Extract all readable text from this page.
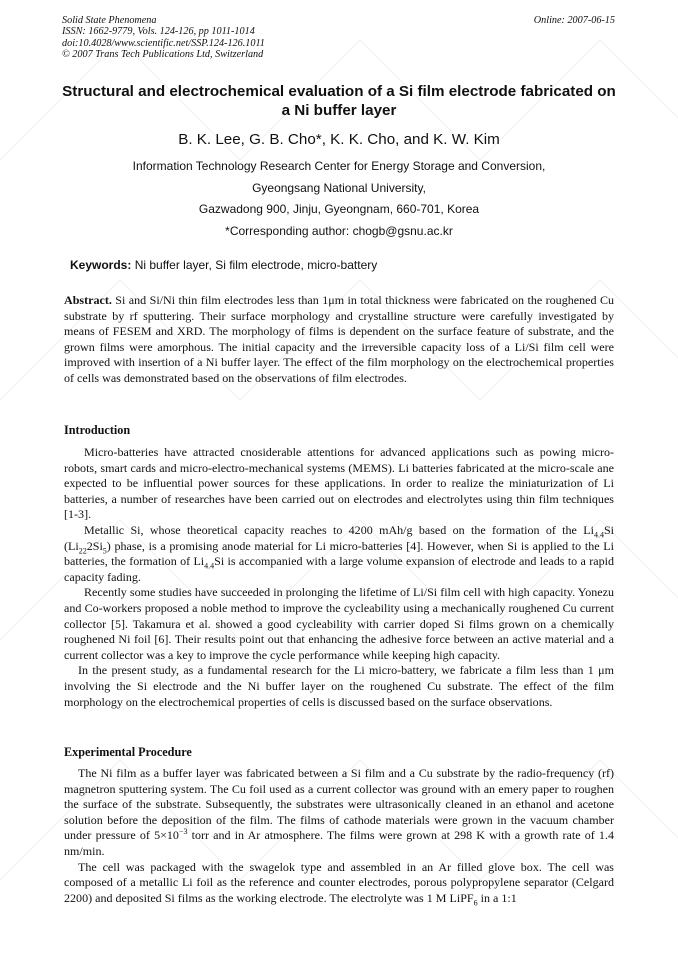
Solid State Phenomena
ISSN: 1662-9779, Vols. 124-126, pp 1011-1014
doi:10.4028/www.scientific.net/SSP.124-126.1011
© 2007 Trans Tech Publications Ltd, Switzerland
Online: 2007-06-15
Structural and electrochemical evaluation of a Si film electrode fabricated on a Ni buffer layer
B. K. Lee, G. B. Cho*, K. K. Cho, and K. W. Kim
Information Technology Research Center for Energy Storage and Conversion,
Gyeongsang National University,
Gazwadong 900, Jinju, Gyeongnam, 660-701, Korea
*Corresponding author: chogb@gsnu.ac.kr
Keywords: Ni buffer layer, Si film electrode, micro-battery

Abstract. Si and Si/Ni thin film electrodes less than 1μm in total thickness were fabricated on the roughened Cu substrate by rf sputtering. Their surface morphology and crystalline structure were carefully investigated by means of FESEM and XRD. The morphology of films is dependent on the surface feature of substrate, and the grown films were amorphous. The initial capacity and the irreversible capacity loss of a Li/Si film cell were improved with insertion of a Ni buffer layer. The effect of the film morphology on the electrochemical properties of cells was demonstrated based on the observations of film electrodes.

Introduction

Micro-batteries have attracted cnosiderable attentions for advanced applications such as powing micro-robots, smart cards and micro-electro-mechanical systems (MEMS). Li batteries fabricated at the micro-scale ane expected to be influential power sources for these applications. In order to realize the miniaturization of Li batteries, a number of researches have been carried out on electrodes and electrolytes using thin film techniques [1-3].

Metallic Si, whose theoretical capacity reaches to 4200 mAh/g based on the formation of the $Li_{4.4}Si$ $(Li_{22}2Si_5)$ phase, is a promising anode material for Li micro-batteries [4]. However, when Si is applied to the Li batteries, the formation of $Li_{4.4}Si$ is accompanied with a large volume expansion of electrode and leads to a rapid capacity fading.

Recently some studies have succeeded in prolonging the lifetime of Li/Si film cell with high capacity. Yonezu and Co-workers proposed a noble method to improve the cycleability using a mechanically roughened Cu current collector [5]. Takamura et al. showed a good cycleability with carrier doped Si films grown on a chemically roughened Ni foil [6]. Their results point out that enhancing the adhesive force between an active material and a current collector was a key to improve the cycle performance while keeping high capacity.

In the present study, as a fundamental research for the Li micro-battery, we fabricate a film less than 1 μm involving the Si electrode and the Ni buffer layer on the roughened Cu substrate. The effect of the film morphology on the electrochemical properties of cells is discussed based on the surface observations.

Experimental Procedure

The Ni film as a buffer layer was fabricated between a Si film and a Cu substrate by the radio-frequency (rf) magnetron sputtering system. The Cu foil used as a current collector was ground with an emery paper to roughen the surface of the substrate. Subsequently, the substrates were ultrasonically cleaned in an ethanol and acetone solution before the deposition of the film. The films of cathode materials were grown in the vacuum chamber under pressure of $5\times 10^{-3}$ torr and in Ar atmosphere. The films were grown at 298 K with a growth rate of 1.4 nm/min.

The cell was packaged with the swagelok type and assembled in an Ar filled glove box. The cell was composed of a metallic Li foil as the reference and counter electrodes, porous polypropylene separator (Celgard 2200) and deposited Si films as the working electrode. The electrolyte was 1 M LiPF$_6$ in a 1:1
